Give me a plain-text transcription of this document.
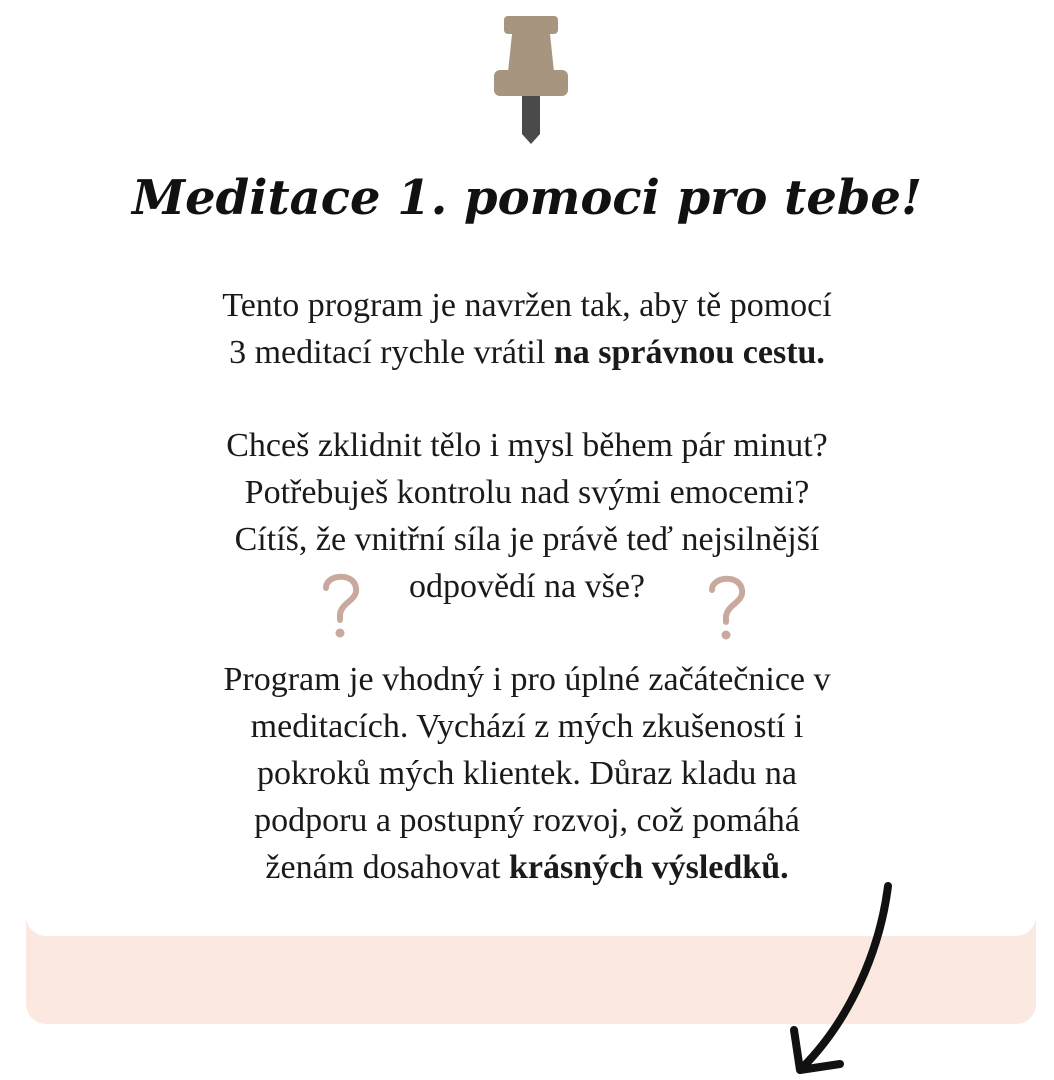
Meditace 1. pomoci pro tebe!

Tento program je navržen tak, aby tě pomocí
3 meditací rychle vrátil na správnou cestu.

Chceš zklidnit tělo i mysl během pár minut?
Potřebuješ kontrolu nad svými emocemi?
Cítíš, že vnitřní síla je právě teď nejsilnější
odpovědí na vše?

Program je vhodný i pro úplné začátečnice v
meditacích. Vychází z mých zkušeností i
pokroků mých klientek. Důraz kladu na
podporu a postupný rozvoj, což pomáhá
ženám dosahovat krásných výsledků.
